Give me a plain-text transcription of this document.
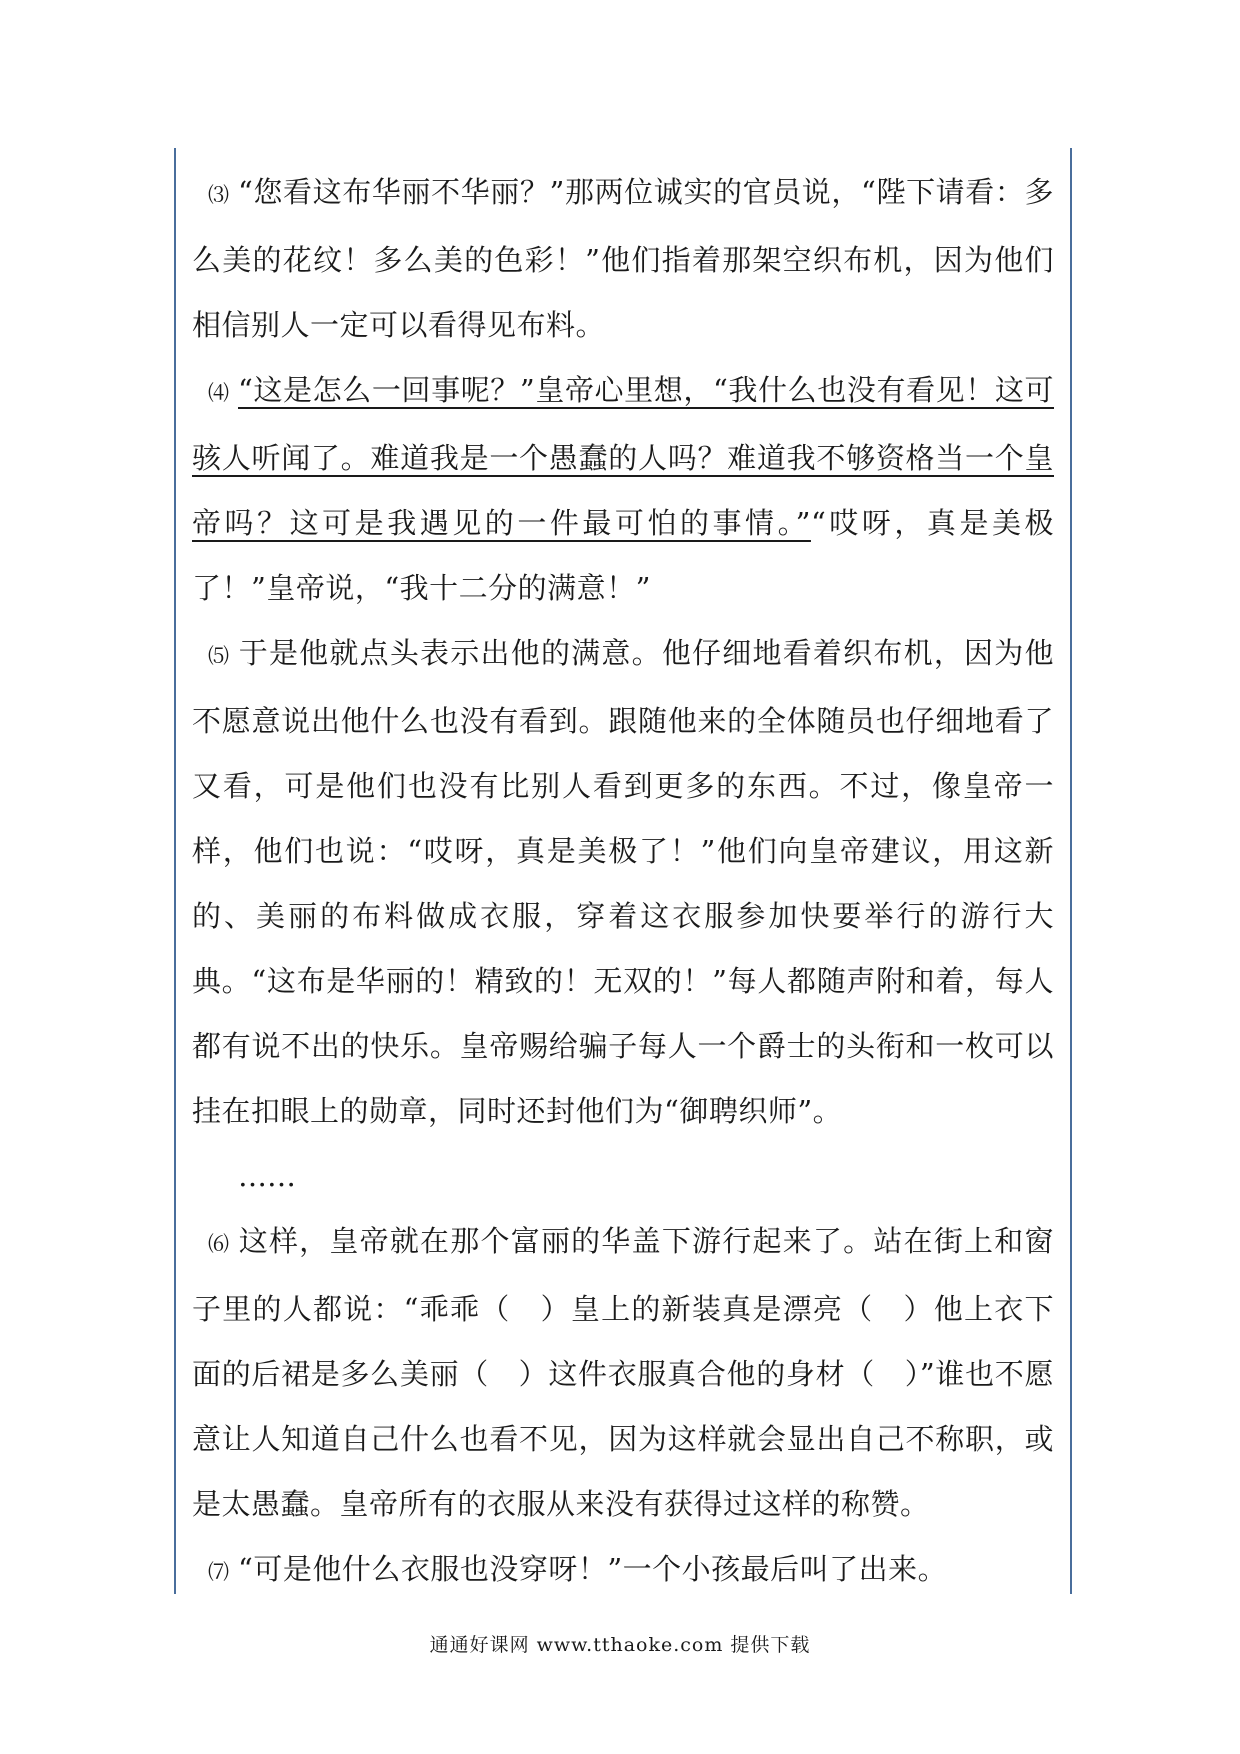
⑶ “您看这布华丽不华丽？”那两位诚实的官员说，“陛下请看：多么美的花纹！多么美的色彩！”他们指着那架空织布机，因为他们相信别人一定可以看得见布料。

⑷ “这是怎么一回事呢？”皇帝心里想，“我什么也没有看见！这可骇人听闻了。难道我是一个愚蠢的人吗？难道我不够资格当一个皇帝吗？这可是我遇见的一件最可怕的事情。”“哎呀，真是美极了！”皇帝说，“我十二分的满意！”

⑸ 于是他就点头表示出他的满意。他仔细地看着织布机，因为他不愿意说出他什么也没有看到。跟随他来的全体随员也仔细地看了又看，可是他们也没有比别人看到更多的东西。不过，像皇帝一样，他们也说：“哎呀，真是美极了！”他们向皇帝建议，用这新的、美丽的布料做成衣服，穿着这衣服参加快要举行的游行大典。“这布是华丽的！精致的！无双的！”每人都随声附和着，每人都有说不出的快乐。皇帝赐给骗子每人一个爵士的头衔和一枚可以挂在扣眼上的勋章，同时还封他们为“御聘织师”。

……

⑹ 这样，皇帝就在那个富丽的华盖下游行起来了。站在街上和窗子里的人都说：“乖乖（　）皇上的新装真是漂亮（　）他上衣下面的后裙是多么美丽（　）这件衣服真合他的身材（　）”谁也不愿意让人知道自己什么也看不见，因为这样就会显出自己不称职，或是太愚蠢。皇帝所有的衣服从来没有获得过这样的称赞。

⑺ “可是他什么衣服也没穿呀！”一个小孩最后叫了出来。

通通好课网 www.tthaoke.com 提供下载
